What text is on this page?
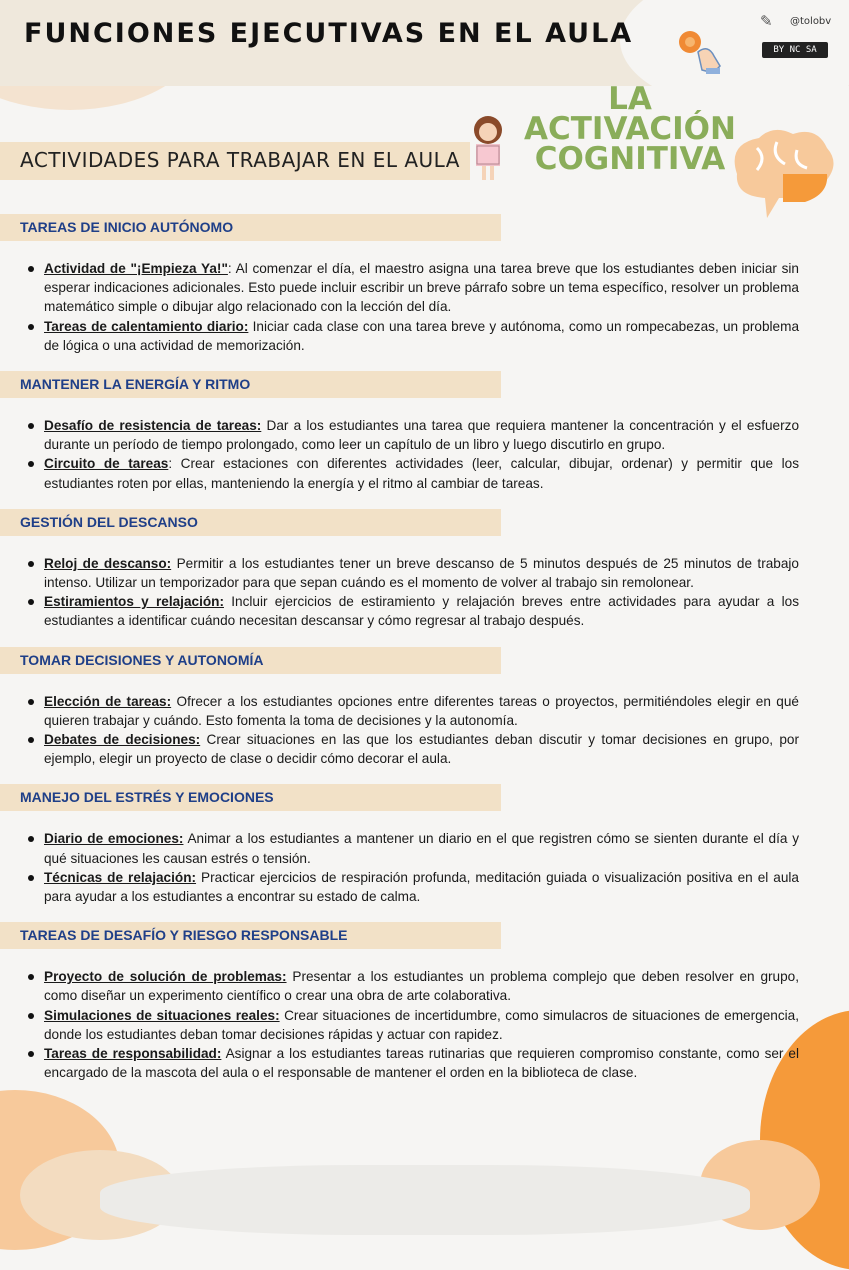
FUNCIONES EJECUTIVAS EN EL AULA	✎ @tolobv
BY NC SA
LA ACTIVACIÓN
COGNITIVA
ACTIVIDADES PARA TRABAJAR EN EL AULA
TAREAS DE INICIO AUTÓNOMO
Actividad de "¡Empieza Ya!": Al comenzar el día, el maestro asigna una tarea breve que los estudiantes deben iniciar sin esperar indicaciones adicionales. Esto puede incluir escribir un breve párrafo sobre un tema específico, resolver un problema matemático simple o dibujar algo relacionado con la lección del día.
Tareas de calentamiento diario: Iniciar cada clase con una tarea breve y autónoma, como un rompecabezas, un problema de lógica o una actividad de memorización.
MANTENER LA ENERGÍA Y RITMO
Desafío de resistencia de tareas: Dar a los estudiantes una tarea que requiera mantener la concentración y el esfuerzo durante un período de tiempo prolongado, como leer un capítulo de un libro y luego discutirlo en grupo.
Circuito de tareas: Crear estaciones con diferentes actividades (leer, calcular, dibujar, ordenar) y permitir que los estudiantes roten por ellas, manteniendo la energía y el ritmo al cambiar de tareas.
GESTIÓN DEL DESCANSO
Reloj de descanso: Permitir a los estudiantes tener un breve descanso de 5 minutos después de 25 minutos de trabajo intenso. Utilizar un temporizador para que sepan cuándo es el momento de volver al trabajo sin remolonear.
Estiramientos y relajación: Incluir ejercicios de estiramiento y relajación breves entre actividades para ayudar a los estudiantes a identificar cuándo necesitan descansar y cómo regresar al trabajo después.
TOMAR DECISIONES Y AUTONOMÍA
Elección de tareas: Ofrecer a los estudiantes opciones entre diferentes tareas o proyectos, permitiéndoles elegir en qué quieren trabajar y cuándo. Esto fomenta la toma de decisiones y la autonomía.
Debates de decisiones: Crear situaciones en las que los estudiantes deban discutir y tomar decisiones en grupo, por ejemplo, elegir un proyecto de clase o decidir cómo decorar el aula.
MANEJO DEL ESTRÉS Y EMOCIONES
Diario de emociones: Animar a los estudiantes a mantener un diario en el que registren cómo se sienten durante el día y qué situaciones les causan estrés o tensión.
Técnicas de relajación: Practicar ejercicios de respiración profunda, meditación guiada o visualización positiva en el aula para ayudar a los estudiantes a encontrar su estado de calma.
TAREAS DE DESAFÍO Y RIESGO RESPONSABLE
Proyecto de solución de problemas: Presentar a los estudiantes un problema complejo que deben resolver en grupo, como diseñar un experimento científico o crear una obra de arte colaborativa.
Simulaciones de situaciones reales: Crear situaciones de incertidumbre, como simulacros de situaciones de emergencia, donde los estudiantes deban tomar decisiones rápidas y actuar con rapidez.
Tareas de responsabilidad: Asignar a los estudiantes tareas rutinarias que requieren compromiso constante, como ser el encargado de la mascota del aula o el responsable de mantener el orden en la biblioteca de clase.
